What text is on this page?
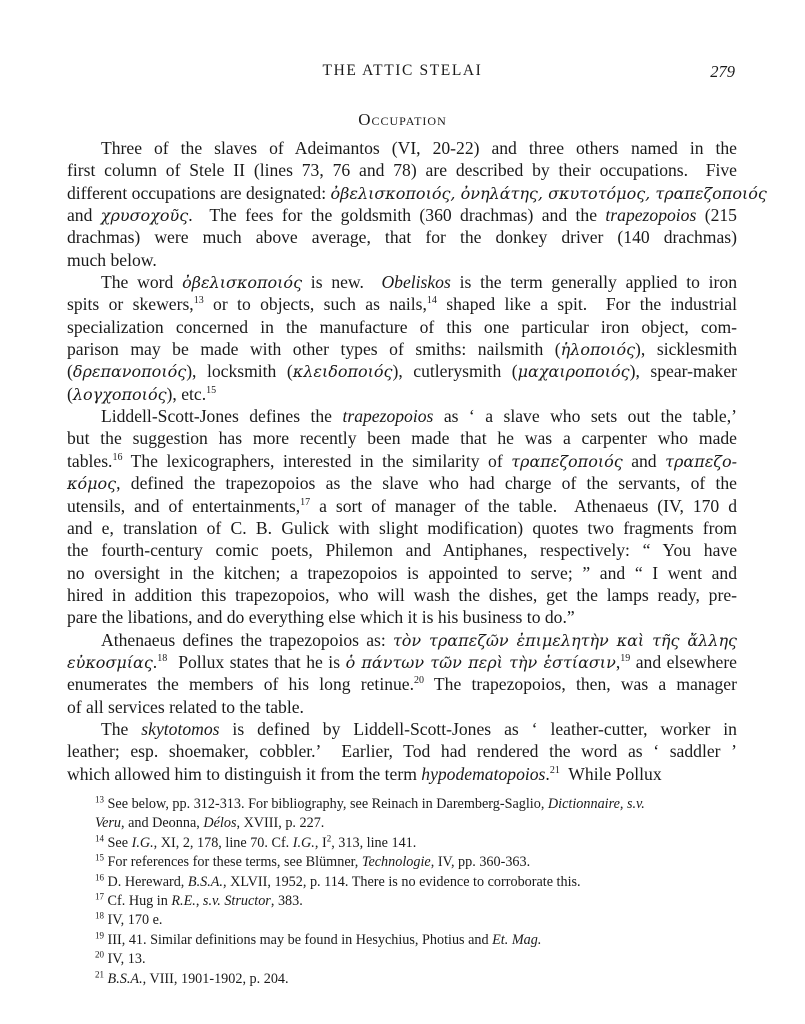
THE ATTIC STELAI	279
Occupation
Three of the slaves of Adeimantos (VI, 20-22) and three others named in the
first column of Stele II (lines 73, 76 and 78) are described by their occupations.  Five
different occupations are designated: ὀβελισκοποιός, ὀνηλάτης, σκυτοτόμος, τραπεζοποιός
and χρυσοχοῦς.  The fees for the goldsmith (360 drachmas) and the trapezopoios (215
drachmas) were much above average, that for the donkey driver (140 drachmas)
much below.
The word ὀβελισκοποιός is new.  Obeliskos is the term generally applied to iron
spits or skewers,$^{13}$ or to objects, such as nails,$^{14}$ shaped like a spit.  For the industrial
specialization concerned in the manufacture of this one particular iron object, com-
parison may be made with other types of smiths: nailsmith (ἡλοποιός), sicklesmith
(δρεπανοποιός), locksmith (κλειδοποιός), cutlerysmith (μαχαιροποιός), spear-maker
(λογχοποιός), etc.$^{15}$
Liddell-Scott-Jones defines the trapezopoios as ‘ a slave who sets out the table,’
but the suggestion has more recently been made that he was a carpenter who made
tables.$^{16}$ The lexicographers, interested in the similarity of τραπεζοποιός and τραπεζο-
κόμος, defined the trapezopoios as the slave who had charge of the servants, of the
utensils, and of entertainments,$^{17}$ a sort of manager of the table.  Athenaeus (IV, 170 d
and e, translation of C. B. Gulick with slight modification) quotes two fragments from
the fourth-century comic poets, Philemon and Antiphanes, respectively: “ You have
no oversight in the kitchen; a trapezopoios is appointed to serve; ” and “ I went and
hired in addition this trapezopoios, who will wash the dishes, get the lamps ready, pre-
pare the libations, and do everything else which it is his business to do.”
Athenaeus defines the trapezopoios as: τὸν τραπεζῶν ἐπιμελητὴν καὶ τῆς ἄλλης
εὐκοσμίας.$^{18}$  Pollux states that he is ὁ πάντων τῶν περὶ τὴν ἑστίασιν,$^{19}$ and elsewhere
enumerates the members of his long retinue.$^{20}$ The trapezopoios, then, was a manager
of all services related to the table.
The skytotomos is defined by Liddell-Scott-Jones as ‘ leather-cutter, worker in
leather; esp. shoemaker, cobbler.’  Earlier, Tod had rendered the word as ‘ saddler ’
which allowed him to distinguish it from the term hypodematopoios.$^{21}$  While Pollux
$^{13}$ See below, pp. 312-313. For bibliography, see Reinach in Daremberg-Saglio, Dictionnaire, s.v.
Veru, and Deonna, Délos, XVIII, p. 227.
$^{14}$ See I.G., XI, 2, 178, line 70. Cf. I.G., $I^2$, 313, line 141.
$^{15}$ For references for these terms, see Blümner, Technologie, IV, pp. 360-363.
$^{16}$ D. Hereward, B.S.A., XLVII, 1952, p. 114. There is no evidence to corroborate this.
$^{17}$ Cf. Hug in R.E., s.v. Structor, 383.
$^{18}$ IV, 170 e.
$^{19}$ III, 41. Similar definitions may be found in Hesychius, Photius and Et. Mag.
$^{20}$ IV, 13.
$^{21}$ B.S.A., VIII, 1901-1902, p. 204.
